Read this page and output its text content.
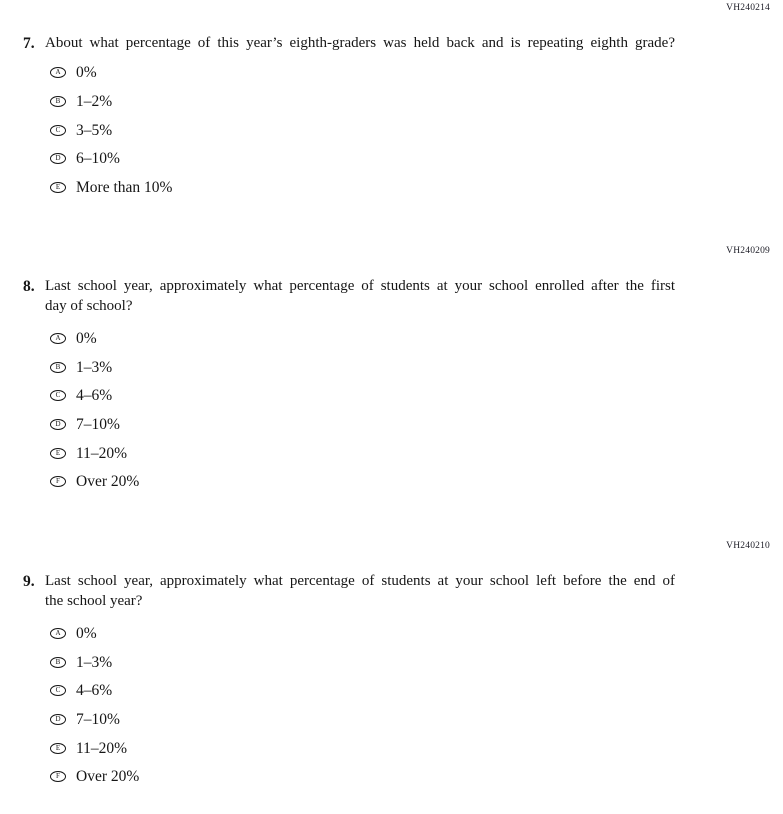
VH240214
7. About what percentage of this year’s eighth-graders was held back and is repeating eighth grade?
A 0%
B 1–2%
C 3–5%
D 6–10%
E More than 10%
VH240209
8. Last school year, approximately what percentage of students at your school enrolled after the first
day of school?
A 0%
B 1–3%
C 4–6%
D 7–10%
E 11–20%
F Over 20%
VH240210
9. Last school year, approximately what percentage of students at your school left before the end of
the school year?
A 0%
B 1–3%
C 4–6%
D 7–10%
E 11–20%
F Over 20%
